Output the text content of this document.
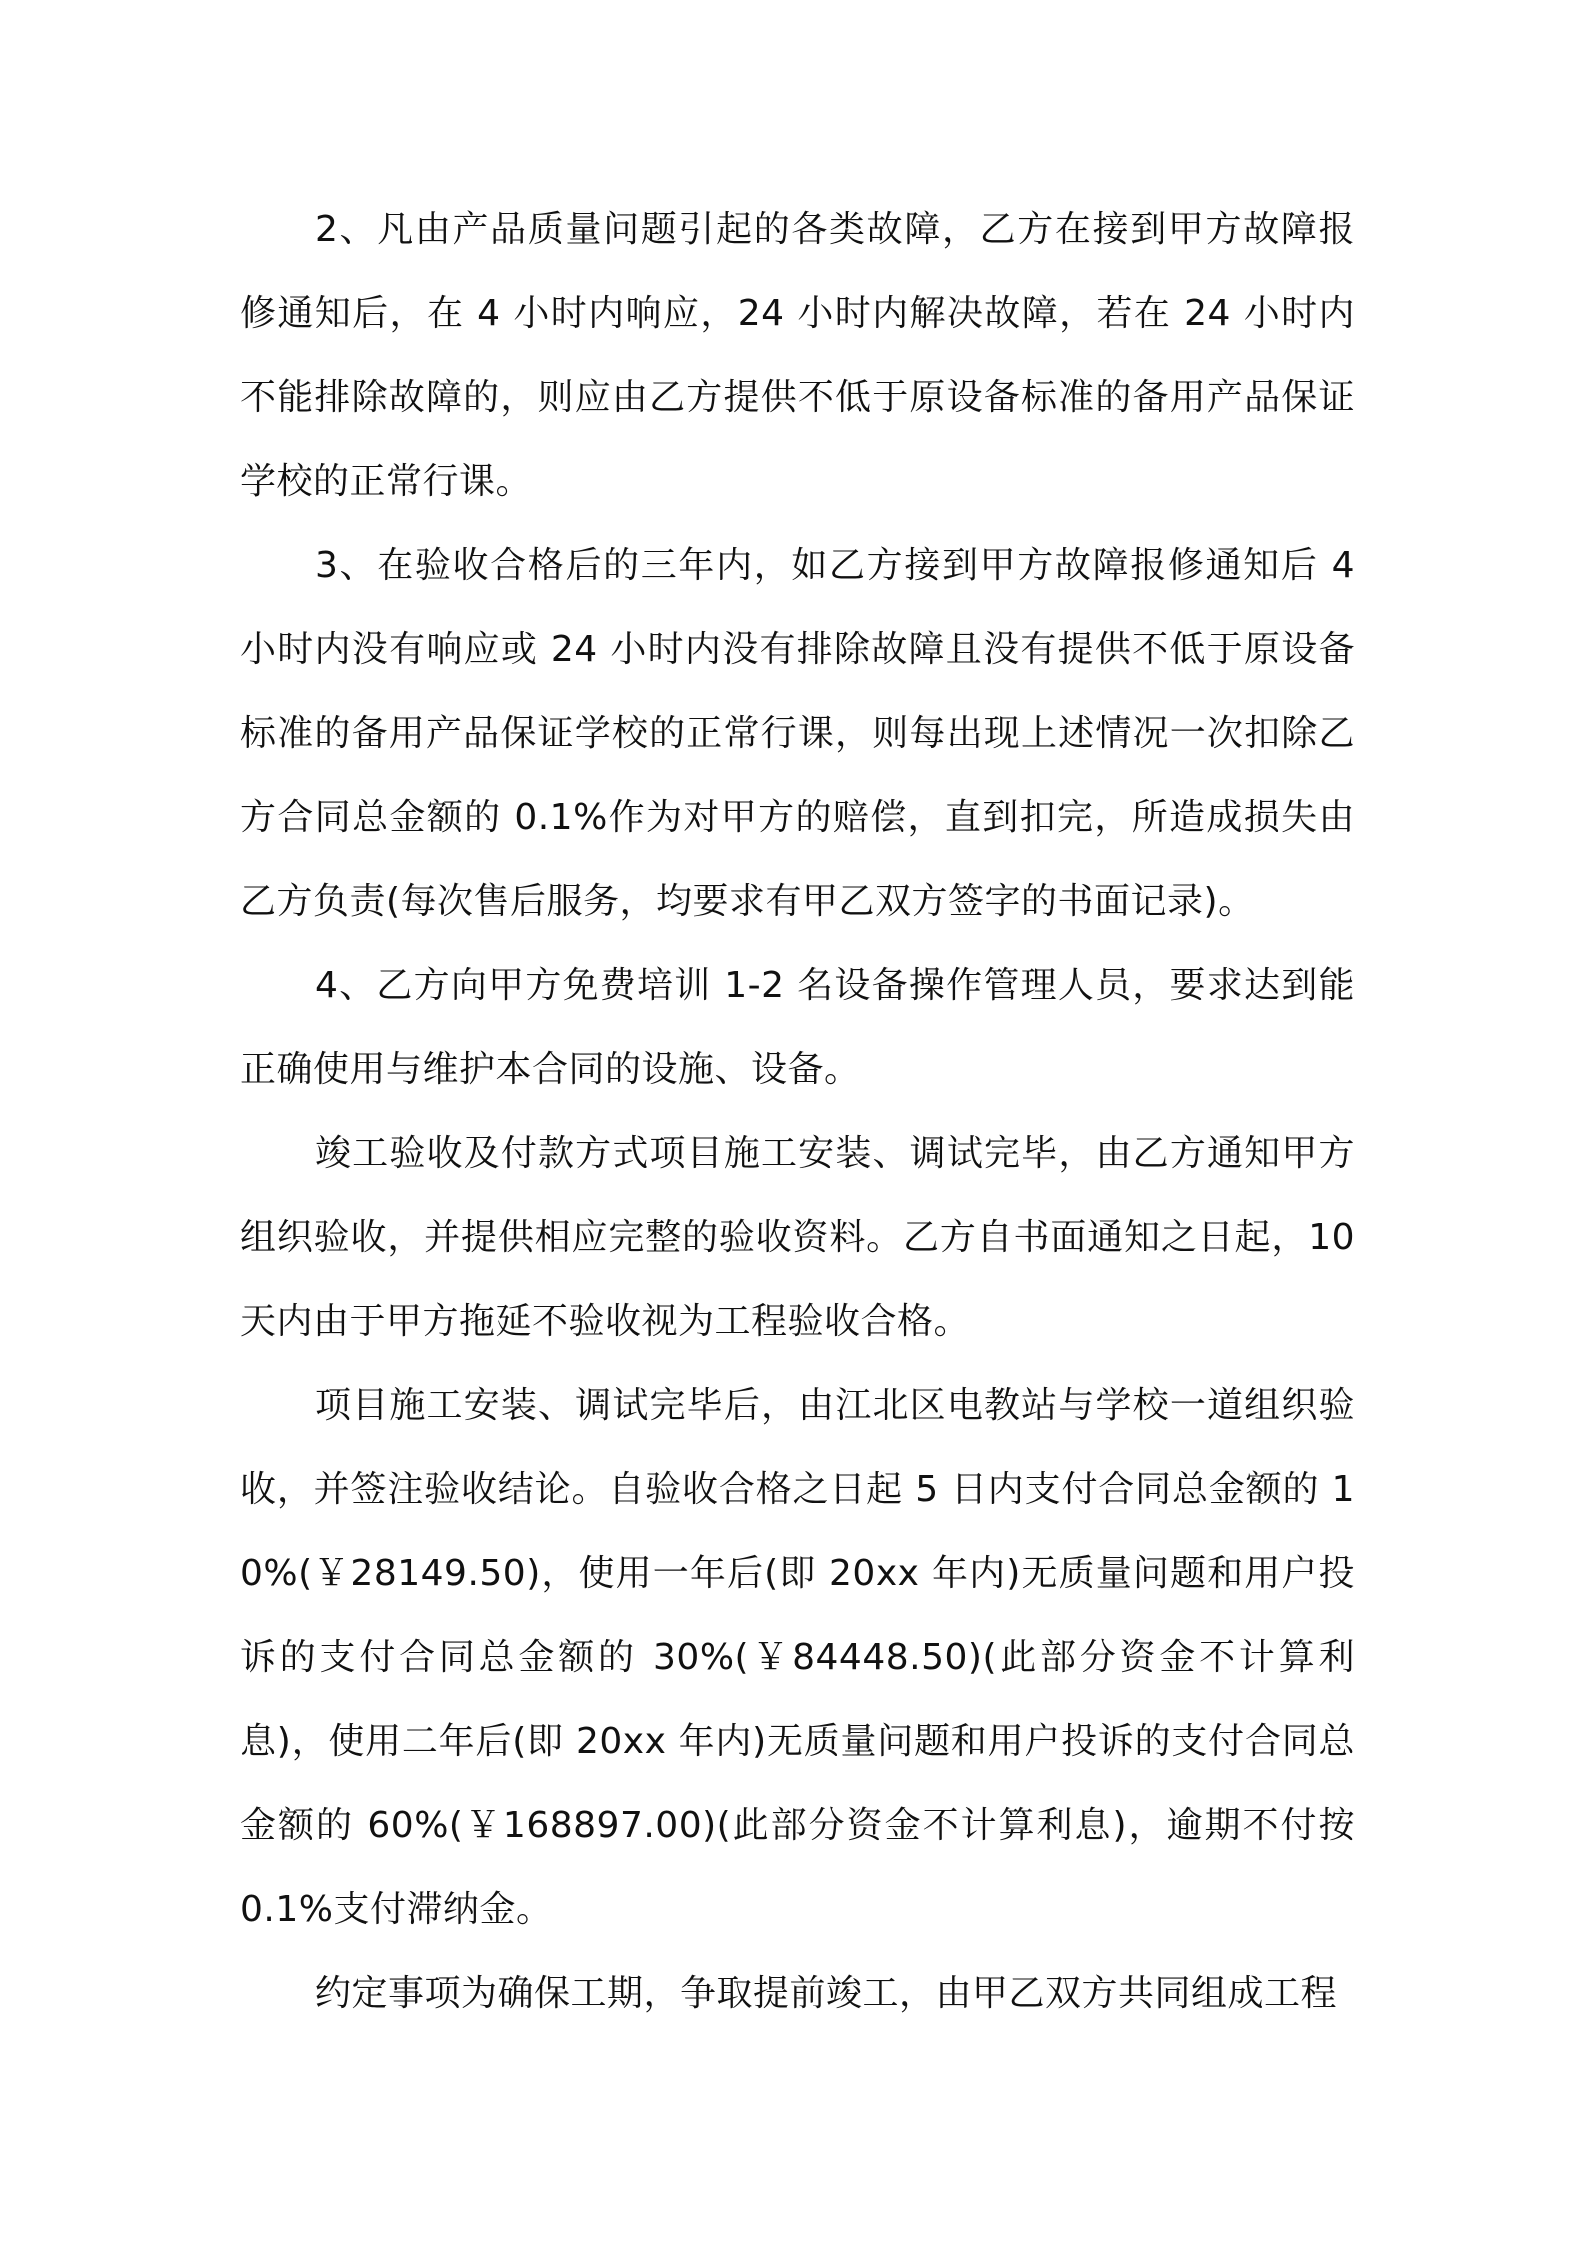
2、凡由产品质量问题引起的各类故障，乙方在接到甲方故障报修通知后，在 4 小时内响应，24 小时内解决故障，若在 24 小时内不能排除故障的，则应由乙方提供不低于原设备标准的备用产品保证学校的正常行课。

3、在验收合格后的三年内，如乙方接到甲方故障报修通知后 4 小时内没有响应或 24 小时内没有排除故障且没有提供不低于原设备标准的备用产品保证学校的正常行课，则每出现上述情况一次扣除乙方合同总金额的 0.1%作为对甲方的赔偿，直到扣完，所造成损失由乙方负责(每次售后服务，均要求有甲乙双方签字的书面记录)。

4、乙方向甲方免费培训 1-2 名设备操作管理人员，要求达到能正确使用与维护本合同的设施、设备。

竣工验收及付款方式项目施工安装、调试完毕，由乙方通知甲方组织验收，并提供相应完整的验收资料。乙方自书面通知之日起，10 天内由于甲方拖延不验收视为工程验收合格。

项目施工安装、调试完毕后，由江北区电教站与学校一道组织验收，并签注验收结论。自验收合格之日起 5 日内支付合同总金额的 10%(￥28149.50)，使用一年后(即 20xx 年内)无质量问题和用户投诉的支付合同总金额的 30%(￥84448.50)(此部分资金不计算利息)，使用二年后(即 20xx 年内)无质量问题和用户投诉的支付合同总金额的 60%(￥168897.00)(此部分资金不计算利息)，逾期不付按 0.1%支付滞纳金。

约定事项为确保工期，争取提前竣工，由甲乙双方共同组成工程
